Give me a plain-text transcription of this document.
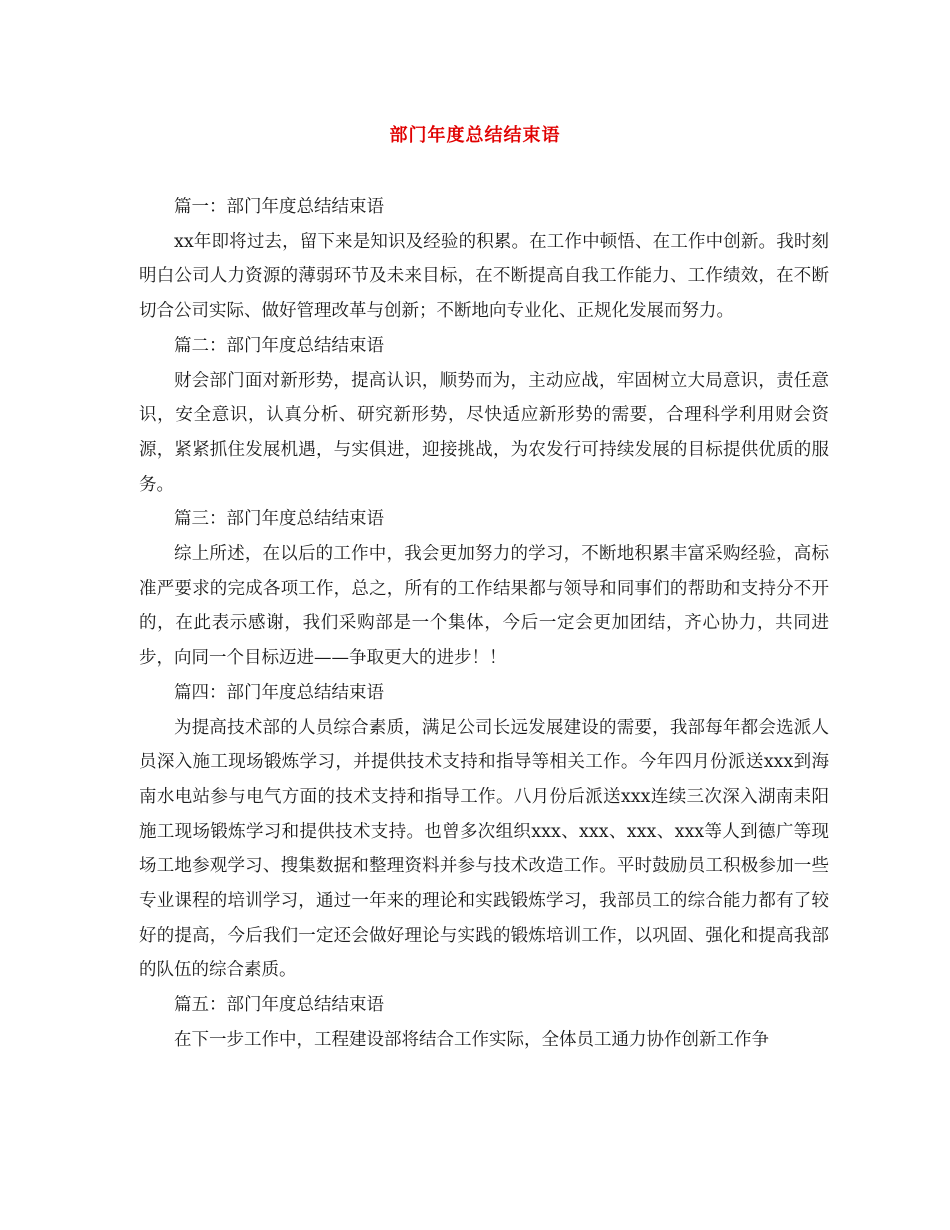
部门年度总结结束语

篇一：部门年度总结结束语

xx年即将过去，留下来是知识及经验的积累。在工作中顿悟、在工作中创新。我时刻明白公司人力资源的薄弱环节及未来目标，在不断提高自我工作能力、工作绩效，在不断切合公司实际、做好管理改革与创新；不断地向专业化、正规化发展而努力。

篇二：部门年度总结结束语

财会部门面对新形势，提高认识，顺势而为，主动应战，牢固树立大局意识，责任意识，安全意识，认真分析、研究新形势，尽快适应新形势的需要，合理科学利用财会资源，紧紧抓住发展机遇，与实俱进，迎接挑战，为农发行可持续发展的目标提供优质的服务。

篇三：部门年度总结结束语

综上所述，在以后的工作中，我会更加努力的学习，不断地积累丰富采购经验，高标准严要求的完成各项工作，总之，所有的工作结果都与领导和同事们的帮助和支持分不开的，在此表示感谢，我们采购部是一个集体，今后一定会更加团结，齐心协力，共同进步，向同一个目标迈进——争取更大的进步！！

篇四：部门年度总结结束语

为提高技术部的人员综合素质，满足公司长远发展建设的需要，我部每年都会选派人员深入施工现场锻炼学习，并提供技术支持和指导等相关工作。今年四月份派送xxx到海南水电站参与电气方面的技术支持和指导工作。八月份后派送xxx连续三次深入湖南耒阳施工现场锻炼学习和提供技术支持。也曾多次组织xxx、xxx、xxx、xxx等人到德广等现场工地参观学习、搜集数据和整理资料并参与技术改造工作。平时鼓励员工积极参加一些专业课程的培训学习，通过一年来的理论和实践锻炼学习，我部员工的综合能力都有了较好的提高，今后我们一定还会做好理论与实践的锻炼培训工作，以巩固、强化和提高我部的队伍的综合素质。

篇五：部门年度总结结束语

在下一步工作中，工程建设部将结合工作实际，全体员工通力协作创新工作争
